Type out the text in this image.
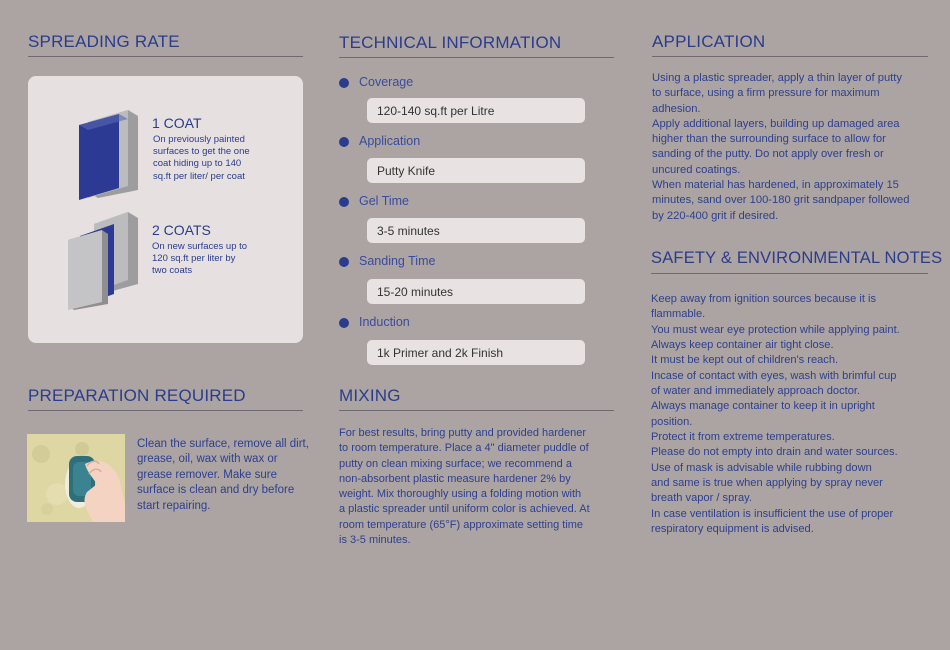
SPREADING RATE
1 COAT
On previously painted
surfaces to get the one
coat hiding up to 140
sq.ft per liter/ per coat
2 COATS
On new surfaces up to
120 sq.ft per liter by
two coats
PREPARATION REQUIRED

Clean the surface, remove all dirt,

grease, oil, wax with wax or

grease remover. Make sure

surface is clean and dry before

start repairing.

TECHNICAL INFORMATION
Coverage
120-140 sq.ft per Litre
Application
Putty Knife
Gel Time
3-5 minutes
Sanding Time
15-20 minutes
Induction
1k Primer and 2k Finish
MIXING

For best results, bring putty and provided hardener

to room temperature. Place a 4" diameter puddle of

putty on clean mixing surface; we recommend a

non-absorbent plastic measure hardener 2% by

weight. Mix thoroughly using a folding motion with

a plastic spreader until uniform color is achieved. At

room temperature (65°F) approximate setting time

is 3-5 minutes.

APPLICATION

Using a plastic spreader, apply a thin layer of putty

to surface, using a firm pressure for maximum

adhesion.

Apply additional layers, building up damaged area

higher than the surrounding surface to allow for

sanding of the putty. Do not apply over fresh or

uncured coatings.

When material has hardened, in approximately 15

minutes, sand over 100-180 grit sandpaper followed

by 220-400 grit if desired.

SAFETY & ENVIRONMENTAL NOTES

Keep away from ignition sources because it is

flammable.

You must wear eye protection while applying paint.

Always keep container air tight close.

It must be kept out of children's reach.

Incase of contact with eyes, wash with brimful cup

of water and immediately approach doctor.

Always manage container to keep it in upright

position.

Protect it from extreme temperatures.

Please do not empty into drain and water sources.

Use of mask is advisable while rubbing down

and same is true when applying by spray never

breath vapor / spray.

In case ventilation is insufficient the use of proper

respiratory equipment is advised.
